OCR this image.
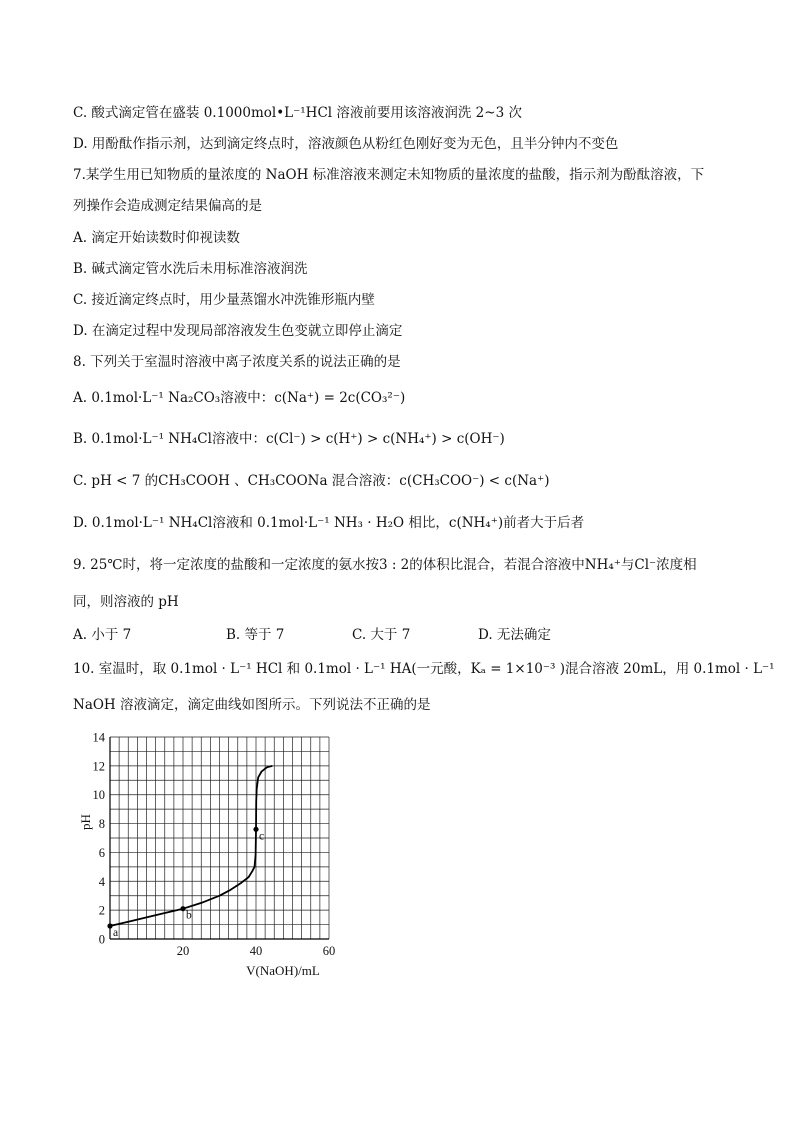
C. 酸式滴定管在盛装 0.1000mol•L⁻¹HCl 溶液前要用该溶液润洗 2~3 次
D. 用酚酞作指示剂，达到滴定终点时，溶液颜色从粉红色刚好变为无色，且半分钟内不变色
7.某学生用已知物质的量浓度的 NaOH 标准溶液来测定未知物质的量浓度的盐酸，指示剂为酚酞溶液，下
列操作会造成测定结果偏高的是
A. 滴定开始读数时仰视读数
B. 碱式滴定管水洗后未用标准溶液润洗
C. 接近滴定终点时，用少量蒸馏水冲洗锥形瓶内壁
D. 在滴定过程中发现局部溶液发生色变就立即停止滴定
8. 下列关于室温时溶液中离子浓度关系的说法正确的是
A. 0.1mol·L⁻¹ Na₂CO₃溶液中：c(Na⁺) = 2c(CO₃²⁻)
B. 0.1mol·L⁻¹ NH₄Cl溶液中：c(Cl⁻) > c(H⁺) > c(NH₄⁺) > c(OH⁻)
C. pH < 7 的CH₃COOH 、CH₃COONa 混合溶液：c(CH₃COO⁻) < c(Na⁺)
D. 0.1mol·L⁻¹ NH₄Cl溶液和 0.1mol·L⁻¹ NH₃ · H₂O 相比，c(NH₄⁺)前者大于后者
9. 25℃时，将一定浓度的盐酸和一定浓度的氨水按3 : 2的体积比混合，若混合溶液中NH₄⁺与Cl⁻浓度相
同，则溶液的 pH
A. 小于 7	B. 等于 7	C. 大于 7	D. 无法确定
10. 室温时，取 0.1mol · L⁻¹ HCl 和 0.1mol · L⁻¹ HA(一元酸，Kₐ = 1×10⁻³ )混合溶液 20mL，用 0.1mol · L⁻¹
NaOH 溶液滴定，滴定曲线如图所示。下列说法不正确的是
20	40	60
0
2
4
6
8
10
12
14
a
b
c
V(NaOH)/mL
pH
